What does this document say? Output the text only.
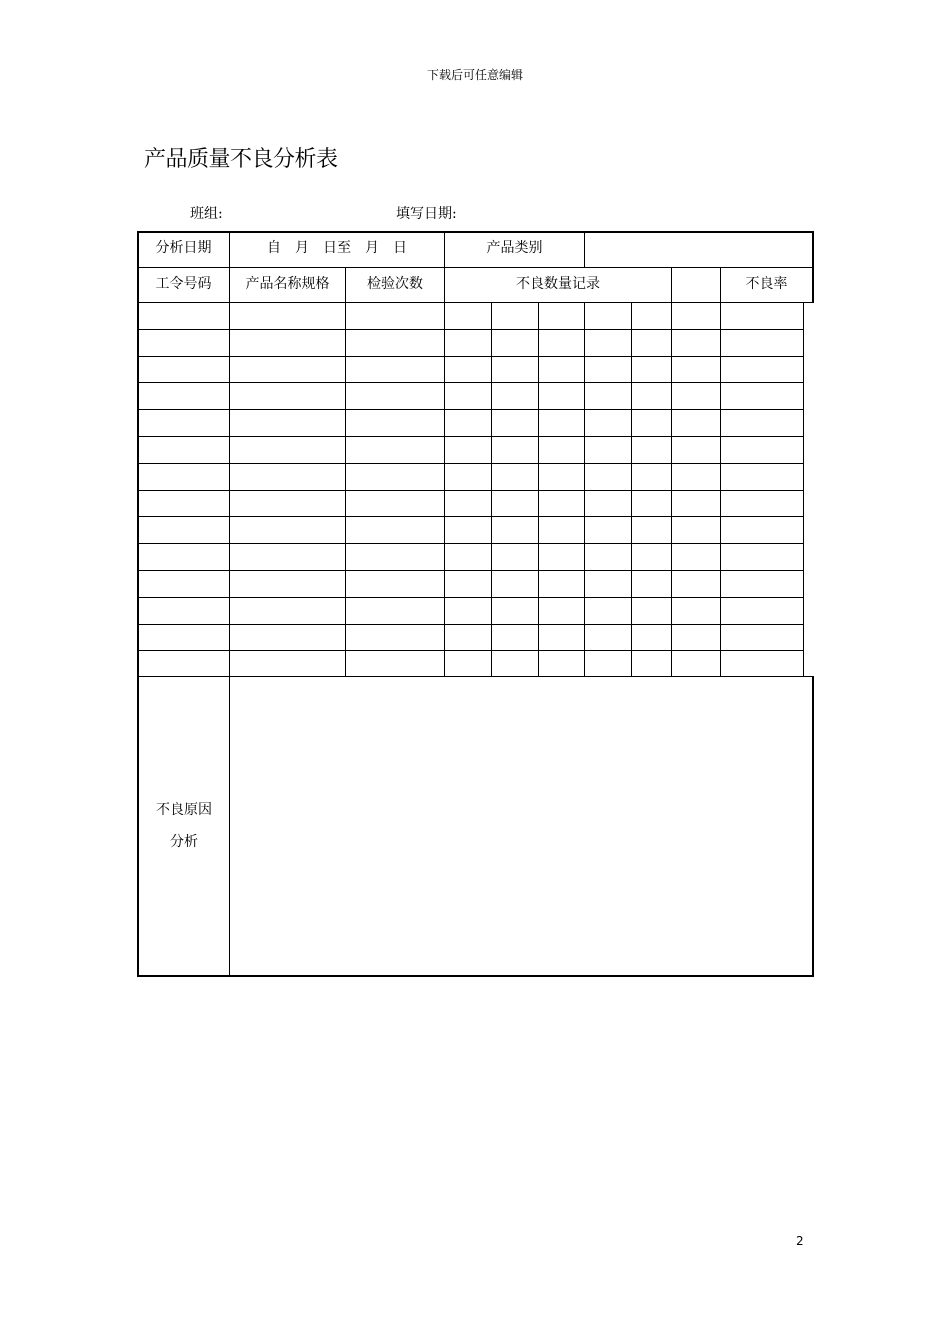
下载后可任意编辑
产品质量不良分析表
班组:	填写日期:
分析日期	自　月　日至　月　日	产品类别
工令号码	产品名称规格	检验次数	不良数量记录	不良率
不良原因
分析
2
